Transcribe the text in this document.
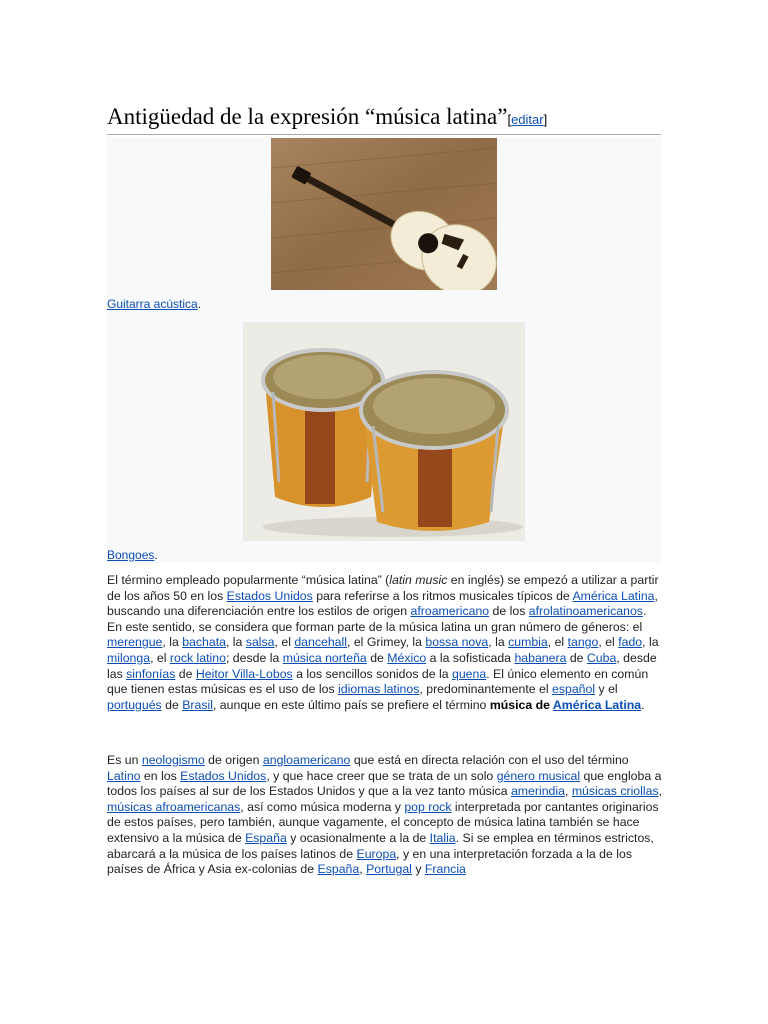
Antigüedad de la expresión “música latina”[editar]
Guitarra acústica.
Bongoes.
El término empleado popularmente “música latina” (latin music en inglés) se empezó a utilizar a partir de los años 50 en los Estados Unidos para referirse a los ritmos musicales típicos de América Latina, buscando una diferenciación entre los estilos de origen afroamericano de los afrolatinoamericanos. En este sentido, se considera que forman parte de la música latina un gran número de géneros: el merengue, la bachata, la salsa, el dancehall, el Grimey, la bossa nova, la cumbia, el tango, el fado, la milonga, el rock latino; desde la música norteña de México a la sofisticada habanera de Cuba, desde las sinfonías de Heitor Villa-Lobos a los sencillos sonidos de la quena. El único elemento en común que tienen estas músicas es el uso de los idiomas latinos, predominantemente el español y el portugués de Brasil, aunque en este último país se prefiere el término música de América Latina.
Es un neologismo de origen angloamericano que está en directa relación con el uso del término Latino en los Estados Unidos, y que hace creer que se trata de un solo género musical que engloba a todos los países al sur de los Estados Unidos y que a la vez tanto música amerindia, músicas criollas, músicas afroamericanas, así como música moderna y pop rock interpretada por cantantes originarios de estos países, pero también, aunque vagamente, el concepto de música latina también se hace extensivo a la música de España y ocasionalmente a la de Italia. Si se emplea en términos estrictos, abarcará a la música de los países latinos de Europa, y en una interpretación forzada a la de los países de África y Asia ex-colonias de España, Portugal y Francia
